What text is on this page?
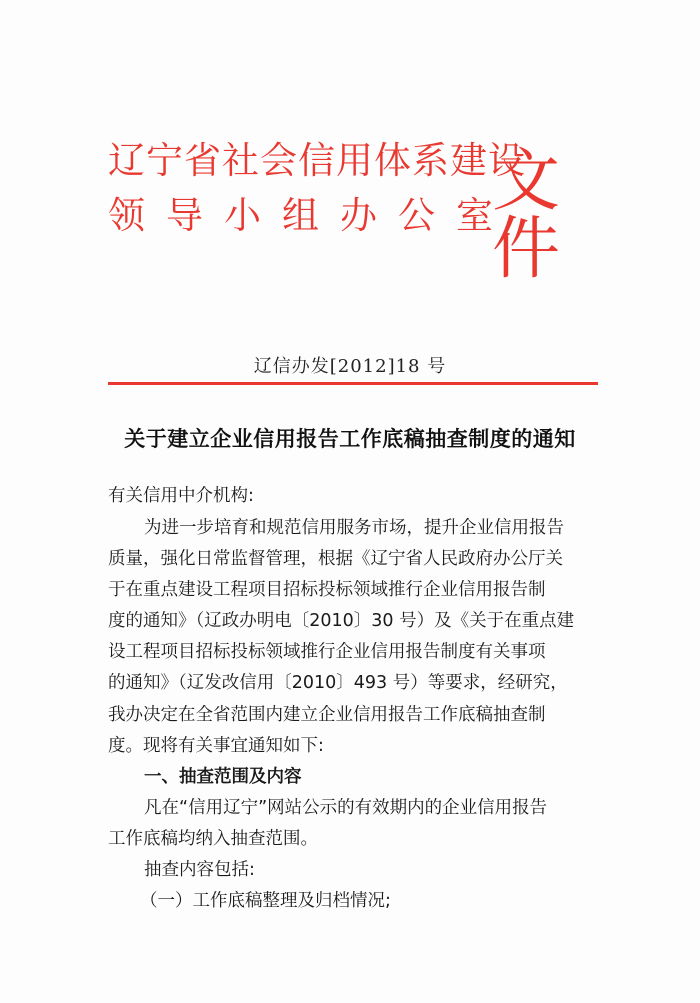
辽宁省社会信用体系建设
领导小组办公室
文件
辽信办发[2012]18 号
关于建立企业信用报告工作底稿抽查制度的通知
有关信用中介机构:
为进一步培育和规范信用服务市场，提升企业信用报告
质量，强化日常监督管理，根据《辽宁省人民政府办公厅关
于在重点建设工程项目招标投标领域推行企业信用报告制
度的通知》（辽政办明电〔2010〕30 号）及《关于在重点建
设工程项目招标投标领域推行企业信用报告制度有关事项
的通知》（辽发改信用〔2010〕493 号）等要求，经研究，
我办决定在全省范围内建立企业信用报告工作底稿抽查制
度。现将有关事宜通知如下:
一、抽查范围及内容
凡在“信用辽宁”网站公示的有效期内的企业信用报告
工作底稿均纳入抽查范围。
抽查内容包括:
（一）工作底稿整理及归档情况;
